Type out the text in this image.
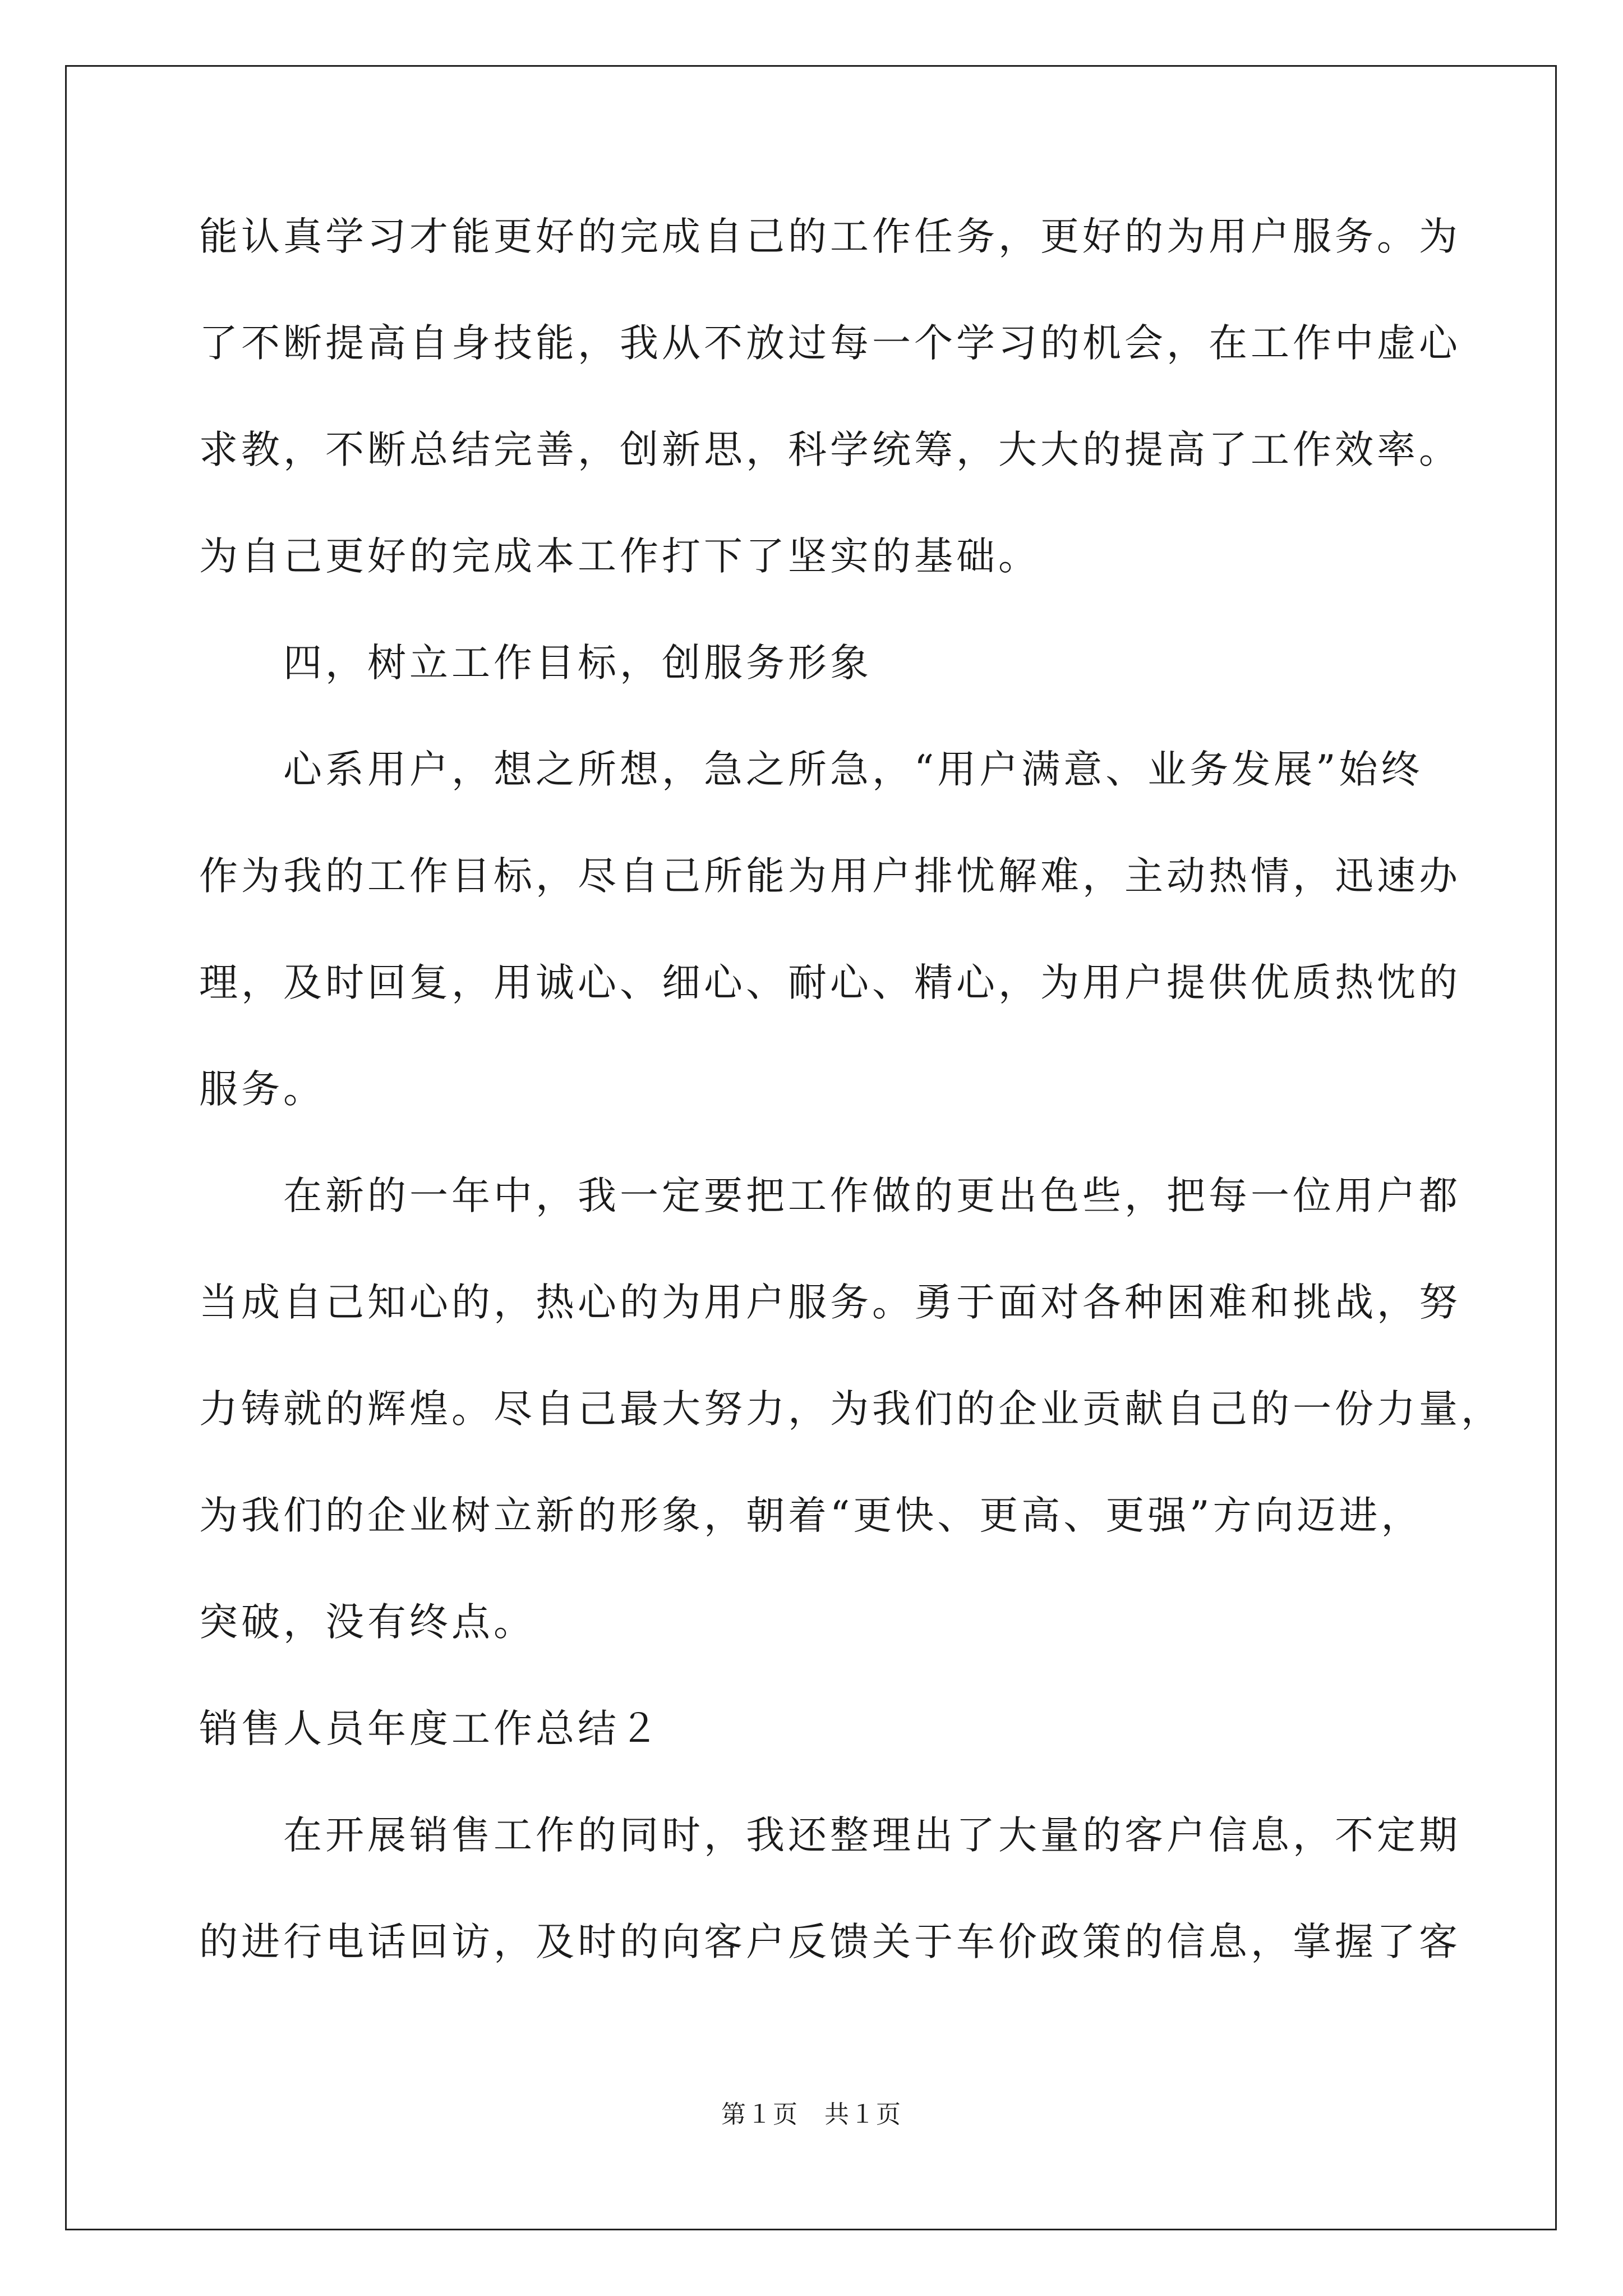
能认真学习才能更好的完成自己的工作任务，更好的为用户服务。为
了不断提高自身技能，我从不放过每一个学习的机会，在工作中虚心
求教，不断总结完善，创新思，科学统筹，大大的提高了工作效率。
为自己更好的完成本工作打下了坚实的基础。
四，树立工作目标，创服务形象
心系用户，想之所想，急之所急，“用户满意、业务发展”始终
作为我的工作目标，尽自己所能为用户排忧解难，主动热情，迅速办
理，及时回复，用诚心、细心、耐心、精心，为用户提供优质热忱的
服务。
在新的一年中，我一定要把工作做的更出色些，把每一位用户都
当成自己知心的，热心的为用户服务。勇于面对各种困难和挑战，努
力铸就的辉煌。尽自己最大努力，为我们的企业贡献自己的一份力量，
为我们的企业树立新的形象，朝着“更快、更高、更强”方向迈进，
突破，没有终点。
销售人员年度工作总结２
在开展销售工作的同时，我还整理出了大量的客户信息，不定期
的进行电话回访，及时的向客户反馈关于车价政策的信息，掌握了客
第１页　共１页
